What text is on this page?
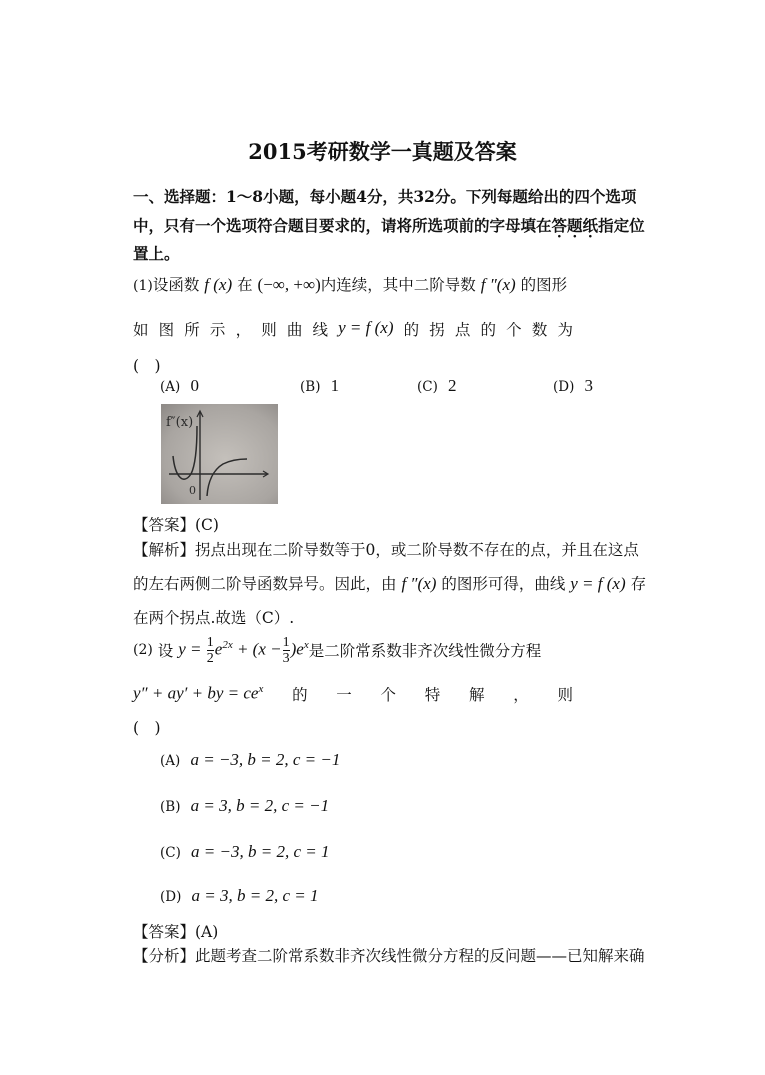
2015考研数学一真题及答案
一、选择题：1～8小题，每小题4分，共32分。下列每题给出的四个选项
中，只有一个选项符合题目要求的，请将所选项前的字母填在答题纸指定位
置上。
(1)设函数 f (x) 在 (−∞, +∞)内连续，其中二阶导数 f ″(x) 的图形
如 图 所 示 ， 则 曲 线 y = f (x) 的 拐 点 的 个 数 为
(　)
(A) 0	(B) 1	(C) 2	(D) 3
f″(x)
0
【答案】(C)
【解析】拐点出现在二阶导数等于0，或二阶导数不存在的点，并且在这点
的左右两侧二阶导函数异号。因此，由 f ″(x) 的图形可得，曲线 y = f (x) 存
在两个拐点.故选（C）.
(2)
设
$y = \frac{1}{2} e^{2x} + (x - \frac{1}{3} )e^x$ 是二阶常系数非齐次线性微分方程
y″ + ay′ + by = $ce^x$ 的 一 个 特 解 ， 则
(　)
(A) a = −3, b = 2, c = −1
(B) a = 3, b = 2, c = −1
(C) a = −3, b = 2, c = 1
(D) a = 3, b = 2, c = 1
【答案】(A)
【分析】此题考查二阶常系数非齐次线性微分方程的反问题——已知解来确
